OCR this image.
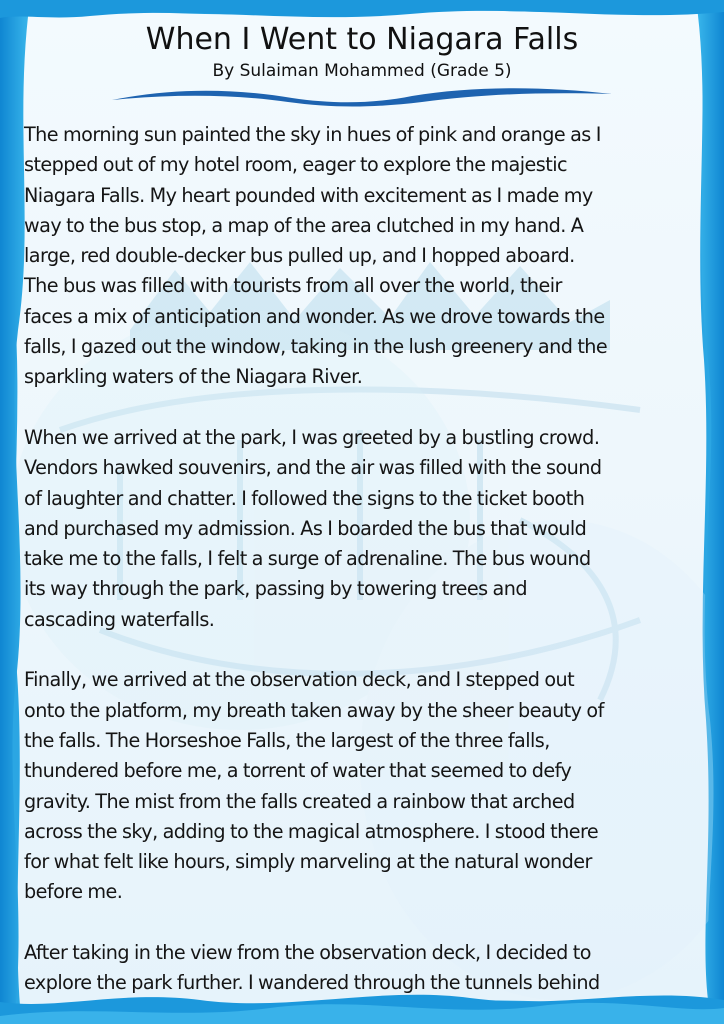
When I Went to Niagara Falls
By Sulaiman Mohammed (Grade 5)

The morning sun painted the sky in hues of pink and orange as I
stepped out of my hotel room, eager to explore the majestic
Niagara Falls. My heart pounded with excitement as I made my
way to the bus stop, a map of the area clutched in my hand. A
large, red double-decker bus pulled up, and I hopped aboard.
The bus was filled with tourists from all over the world, their
faces a mix of anticipation and wonder. As we drove towards the
falls, I gazed out the window, taking in the lush greenery and the
sparkling waters of the Niagara River.

When we arrived at the park, I was greeted by a bustling crowd.
Vendors hawked souvenirs, and the air was filled with the sound
of laughter and chatter. I followed the signs to the ticket booth
and purchased my admission. As I boarded the bus that would
take me to the falls, I felt a surge of adrenaline. The bus wound
its way through the park, passing by towering trees and
cascading waterfalls.

Finally, we arrived at the observation deck, and I stepped out
onto the platform, my breath taken away by the sheer beauty of
the falls. The Horseshoe Falls, the largest of the three falls,
thundered before me, a torrent of water that seemed to defy
gravity. The mist from the falls created a rainbow that arched
across the sky, adding to the magical atmosphere. I stood there
for what felt like hours, simply marveling at the natural wonder
before me.

After taking in the view from the observation deck, I decided to
explore the park further. I wandered through the tunnels behind
